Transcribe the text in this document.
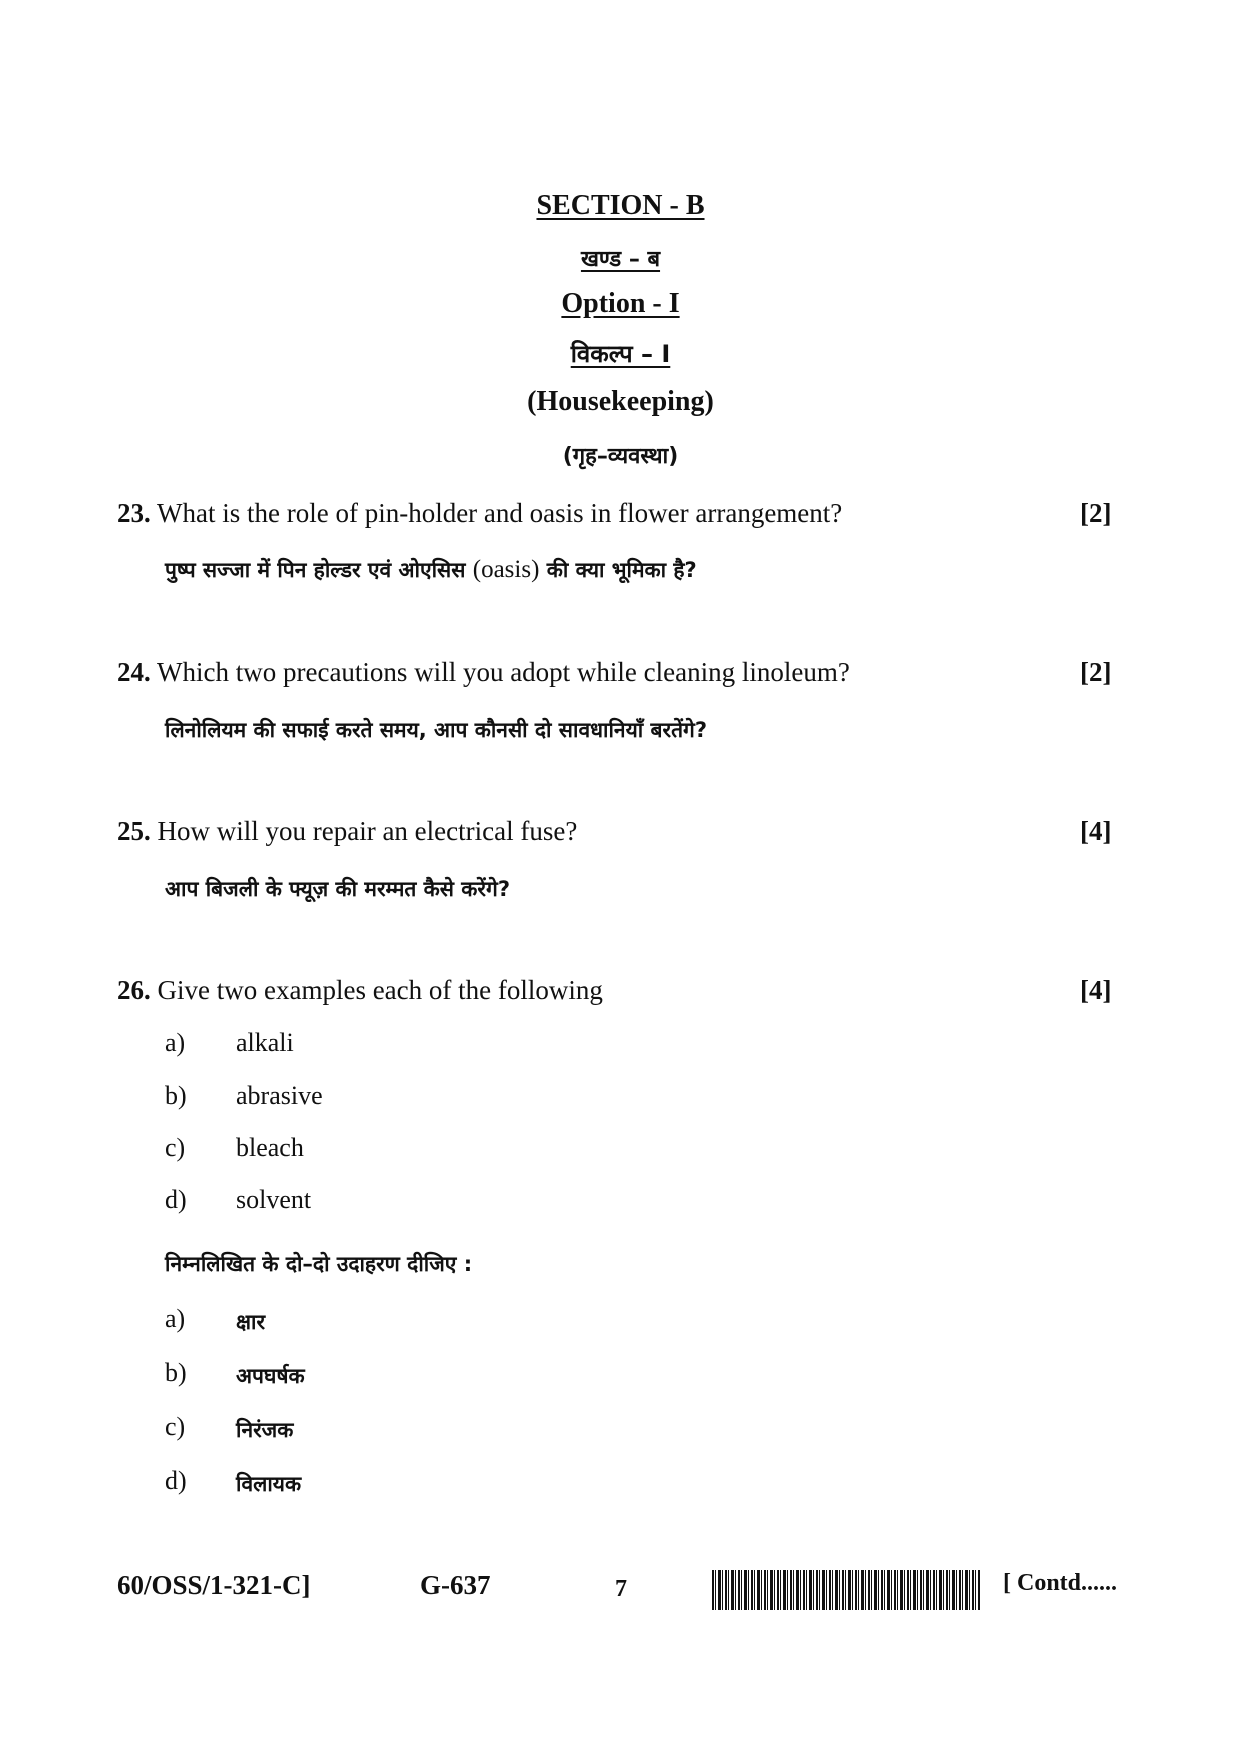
SECTION - B
खण्ड – ब
Option - I
विकल्प – I
(Housekeeping)
(गृह–व्यवस्था)
23. What is the role of pin-holder and oasis in flower arrangement?	[2]
पुष्प सज्जा में पिन होल्डर एवं ओएसिस (oasis) की क्या भूमिका है?
24. Which two precautions will you adopt while cleaning linoleum?	[2]
लिनोलियम की सफाई करते समय, आप कौनसी दो सावधानियाँ बरतेंगे?
25. How will you repair an electrical fuse?	[4]
आप बिजली के फ्यूज़ की मरम्मत कैसे करेंगे?
26. Give two examples each of the following	[4]
a) alkali
b) abrasive
c) bleach
d) solvent
निम्नलिखित के दो–दो उदाहरण दीजिए :
a) क्षार
b) अपघर्षक
c) निरंजक
d) विलायक
60/OSS/1-321-C]	G-637	7	[ Contd......
